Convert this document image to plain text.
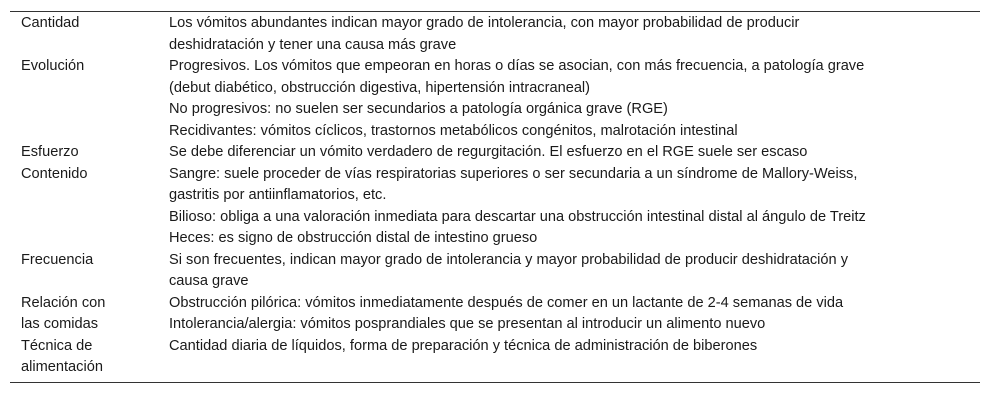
Cantidad	Los vómitos abundantes indican mayor grado de intolerancia, con mayor probabilidad de producir
deshidratación y tener una causa más grave

Evolución	Progresivos. Los vómitos que empeoran en horas o días se asocian, con más frecuencia, a patología grave
(debut diabético, obstrucción digestiva, hipertensión intracraneal)
No progresivos: no suelen ser secundarios a patología orgánica grave (RGE)
Recidivantes: vómitos cíclicos, trastornos metabólicos congénitos, malrotación intestinal

Esfuerzo	Se debe diferenciar un vómito verdadero de regurgitación. El esfuerzo en el RGE suele ser escaso

Contenido	Sangre: suele proceder de vías respiratorias superiores o ser secundaria a un síndrome de Mallory-Weiss,
gastritis por antiinflamatorios, etc.
Bilioso: obliga a una valoración inmediata para descartar una obstrucción intestinal distal al ángulo de Treitz
Heces: es signo de obstrucción distal de intestino grueso

Frecuencia	Si son frecuentes, indican mayor grado de intolerancia y mayor probabilidad de producir deshidratación y
causa grave

Relación con
las comidas	Obstrucción pilórica: vómitos inmediatamente después de comer en un lactante de 2-4 semanas de vida
Intolerancia/alergia: vómitos posprandiales que se presentan al introducir un alimento nuevo

Técnica de
alimentación	Cantidad diaria de líquidos, forma de preparación y técnica de administración de biberones
